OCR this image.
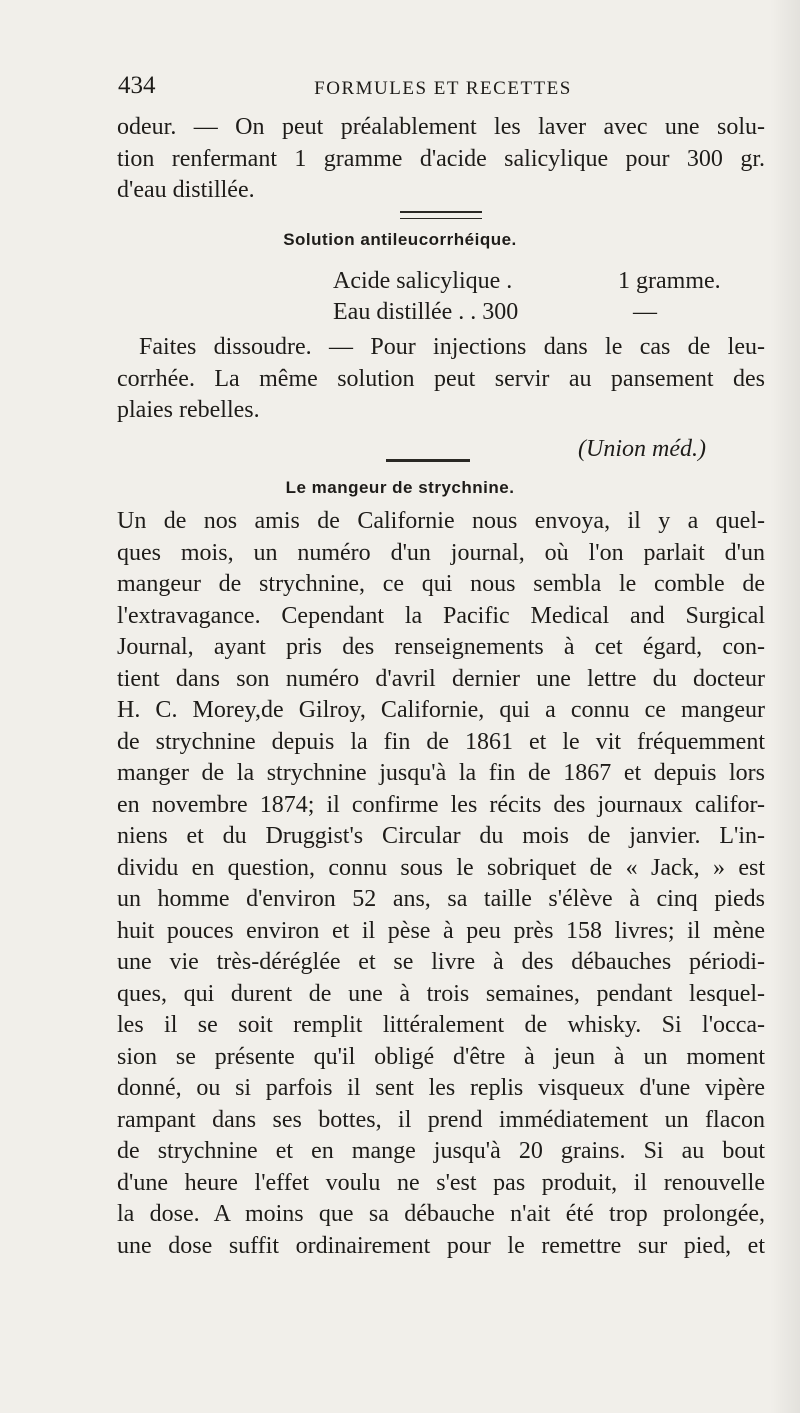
434	FORMULES ET RECETTES
odeur. — On peut préalablement les laver avec une solu-
tion renfermant 1 gramme d'acide salicylique pour 300 gr.
d'eau distillée.
Solution antileucorrhéique.
Acide salicylique .	1 gramme.
Eau distillée . . 300	—
Faites dissoudre. — Pour injections dans le cas de leu-
corrhée. La même solution peut servir au pansement des
plaies rebelles.
(Union méd.)
Le mangeur de strychnine.
Un de nos amis de Californie nous envoya, il y a quel-
ques mois, un numéro d'un journal, où l'on parlait d'un
mangeur de strychnine, ce qui nous sembla le comble de
l'extravagance. Cependant la Pacific Medical and Surgical
Journal, ayant pris des renseignements à cet égard, con-
tient dans son numéro d'avril dernier une lettre du docteur
H. C. Morey,de Gilroy, Californie, qui a connu ce mangeur
de strychnine depuis la fin de 1861 et le vit fréquemment
manger de la strychnine jusqu'à la fin de 1867 et depuis lors
en novembre 1874; il confirme les récits des journaux califor-
niens et du Druggist's Circular du mois de janvier. L'in-
dividu en question, connu sous le sobriquet de « Jack, » est
un homme d'environ 52 ans, sa taille s'élève à cinq pieds
huit pouces environ et il pèse à peu près 158 livres; il mène
une vie très-déréglée et se livre à des débauches périodi-
ques, qui durent de une à trois semaines, pendant lesquel-
les il se soit remplit littéralement de whisky. Si l'occa-
sion se présente qu'il obligé d'être à jeun à un moment
donné, ou si parfois il sent les replis visqueux d'une vipère
rampant dans ses bottes, il prend immédiatement un flacon
de strychnine et en mange jusqu'à 20 grains. Si au bout
d'une heure l'effet voulu ne s'est pas produit, il renouvelle
la dose. A moins que sa débauche n'ait été trop prolongée,
une dose suffit ordinairement pour le remettre sur pied, et
